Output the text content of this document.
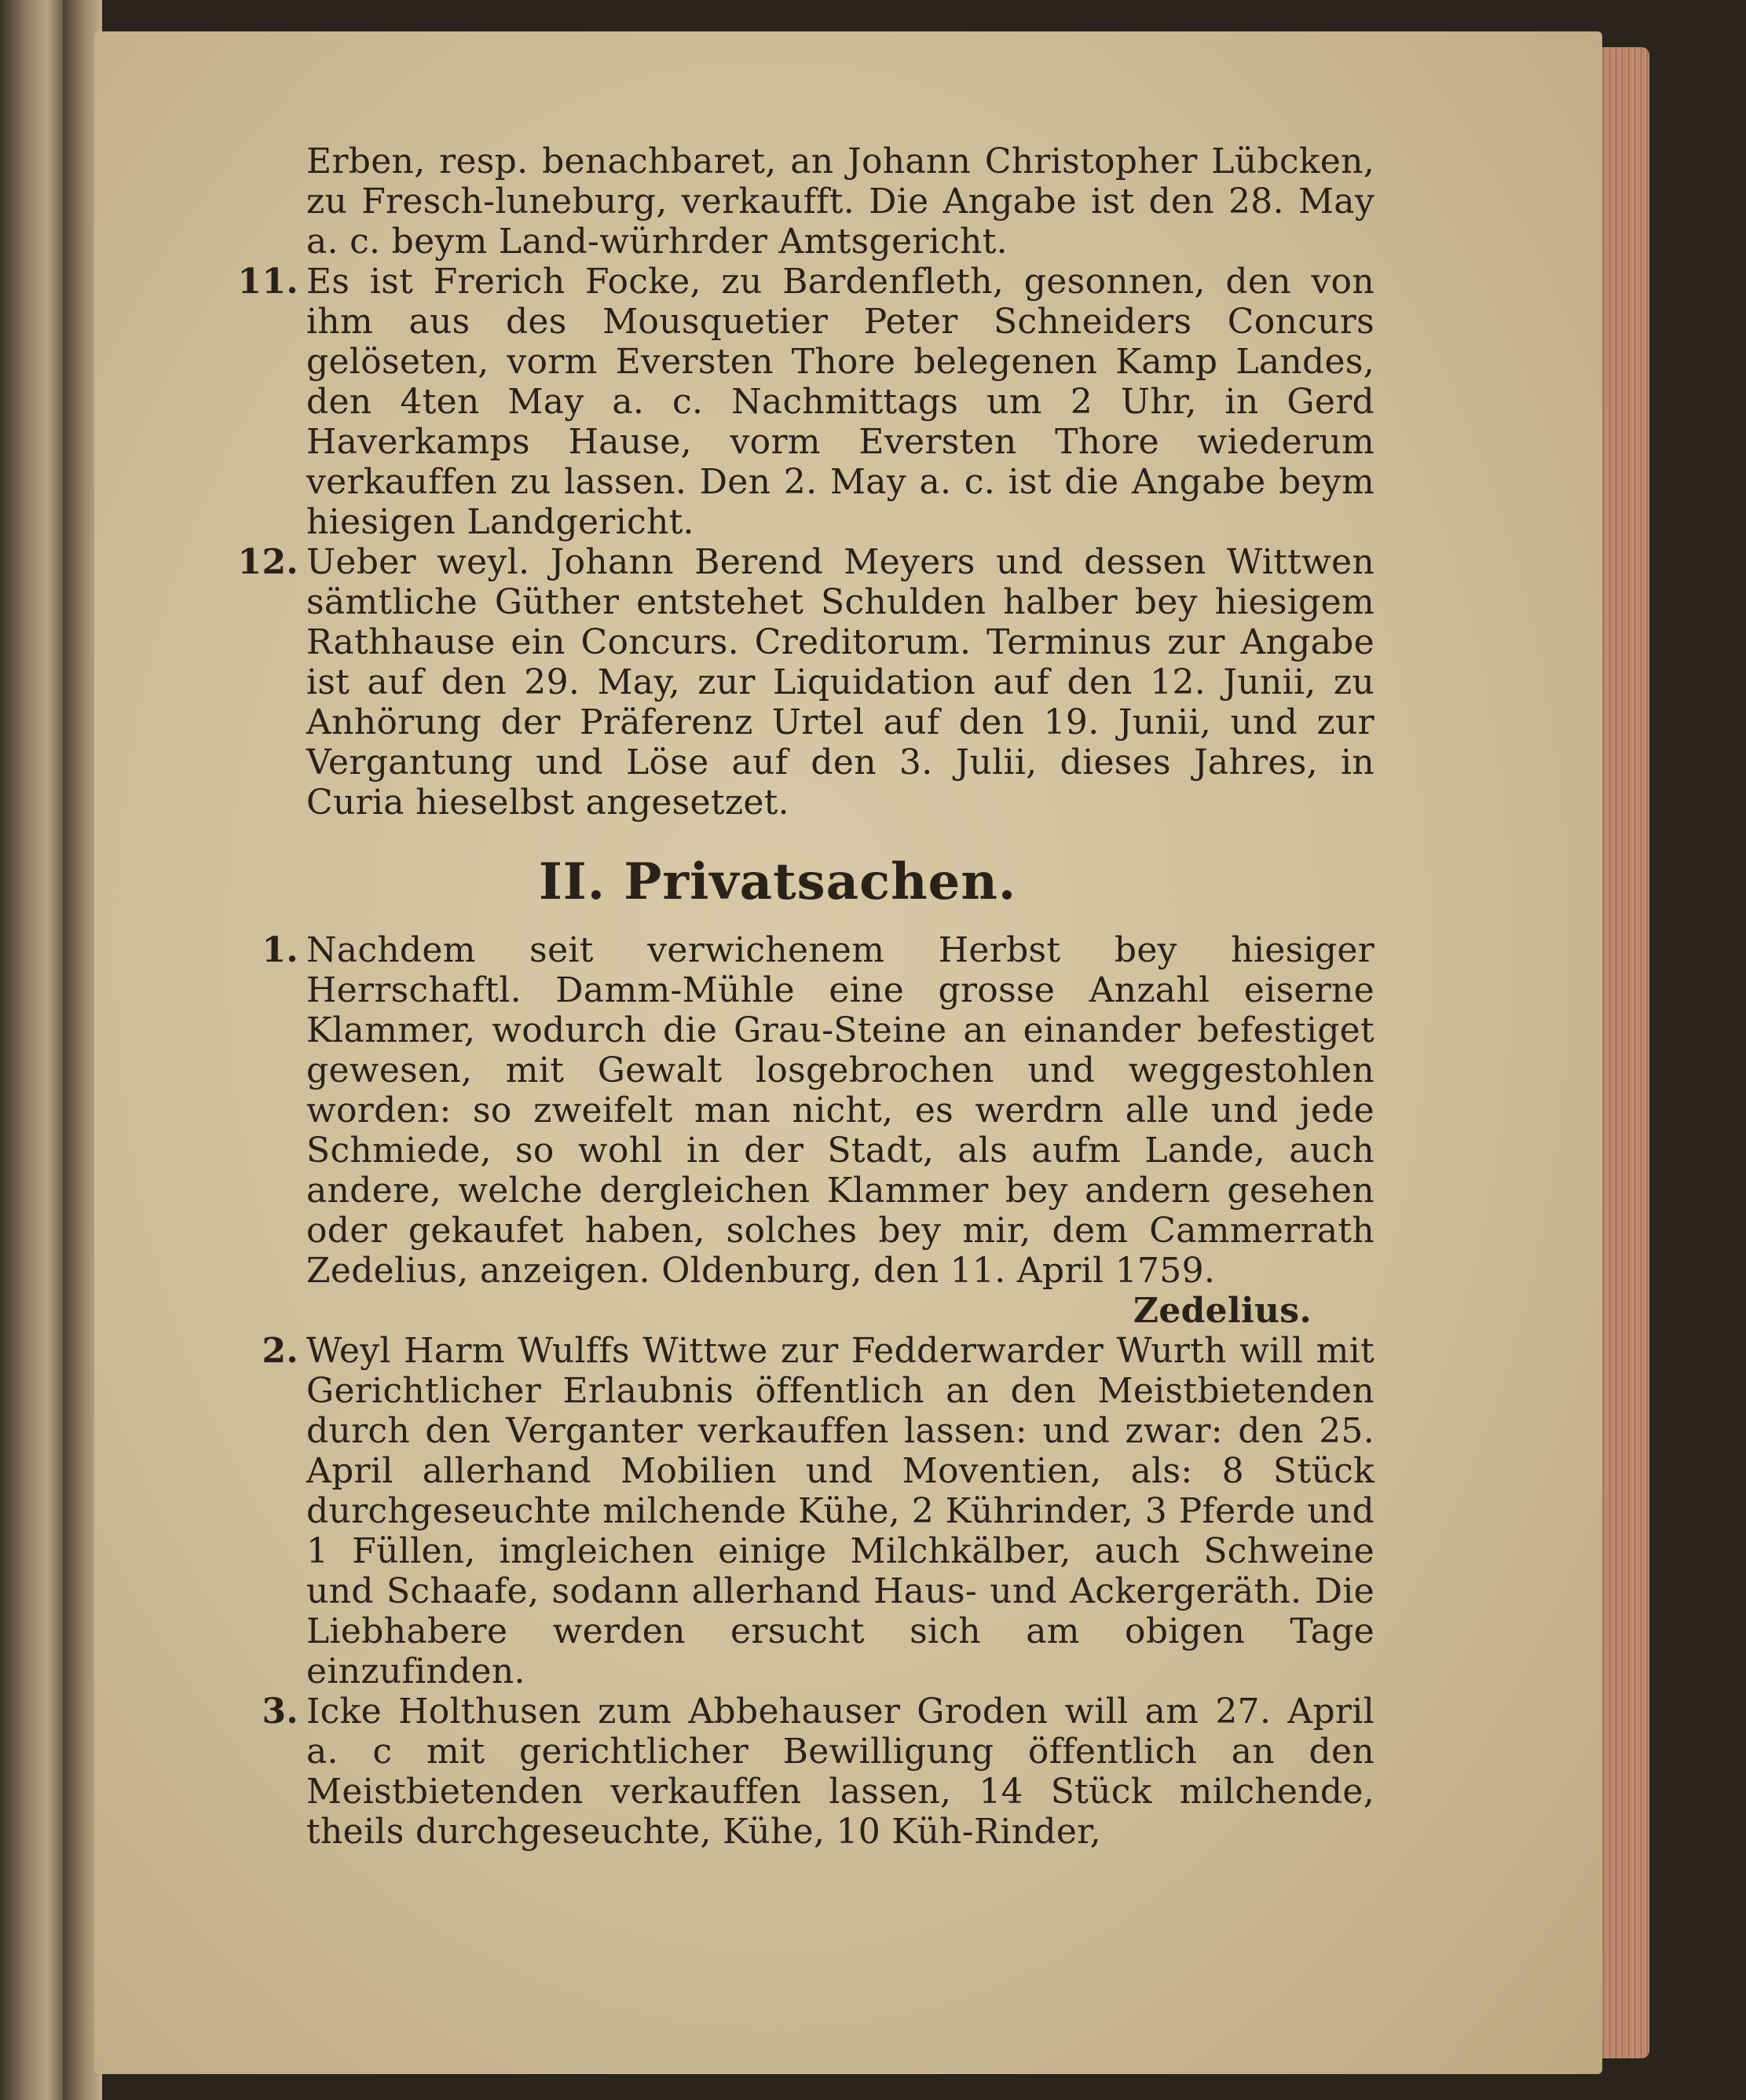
Erben, resp. benachbaret, an Johann Christopher Lübcken, zu Fresch-luneburg, verkaufft. Die Angabe ist den 28. May a. c. beym Land-würhrder Amtsgericht.

11. Es ist Frerich Focke, zu Bardenfleth, gesonnen, den von ihm aus des Mousquetier Peter Schneiders Concurs gelöseten, vorm Eversten Thore belegenen Kamp Landes, den 4ten May a. c. Nachmittags um 2 Uhr, in Gerd Haverkamps Hause, vorm Eversten Thore wiederum verkauffen zu lassen. Den 2. May a. c. ist die Angabe beym hiesigen Landgericht.
12. Ueber weyl. Johann Berend Meyers und dessen Wittwen sämtliche Güther entstehet Schulden halber bey hiesigem Rathhause ein Concurs. Creditorum. Terminus zur Angabe ist auf den 29. May, zur Liquidation auf den 12. Junii, zu Anhörung der Präferenz Urtel auf den 19. Junii, und zur Vergantung und Löse auf den 3. Julii, dieses Jahres, in Curia hieselbst angesetzet.
II. Privatsachen.
1. Nachdem seit verwichenem Herbst bey hiesiger Herrschaftl. Damm-Mühle eine grosse Anzahl eiserne Klammer, wodurch die Grau-Steine an einander befestiget gewesen, mit Gewalt losgebrochen und weggestohlen worden: so zweifelt man nicht, es werdrn alle und jede Schmiede, so wohl in der Stadt, als aufm Lande, auch andere, welche dergleichen Klammer bey andern gesehen oder gekaufet haben, solches bey mir, dem Cammerrath Zedelius, anzeigen. Oldenburg, den 11. April 1759.

Zedelius.

2. Weyl Harm Wulffs Wittwe zur Fedderwarder Wurth will mit Gerichtlicher Erlaubnis öffentlich an den Meistbietenden durch den Verganter verkauffen lassen: und zwar: den 25. April allerhand Mobilien und Moventien, als: 8 Stück durchgeseuchte milchende Kühe, 2 Kührinder, 3 Pferde und 1 Füllen, imgleichen einige Milchkälber, auch Schweine und Schaafe, sodann allerhand Haus- und Ackergeräth. Die Liebhabere werden ersucht sich am obigen Tage einzufinden.
3. Icke Holthusen zum Abbehauser Groden will am 27. April a. c mit gerichtlicher Bewilligung öffentlich an den Meistbietenden verkauffen lassen, 14 Stück milchende, theils durchgeseuchte, Kühe, 10 Küh-Rinder,
